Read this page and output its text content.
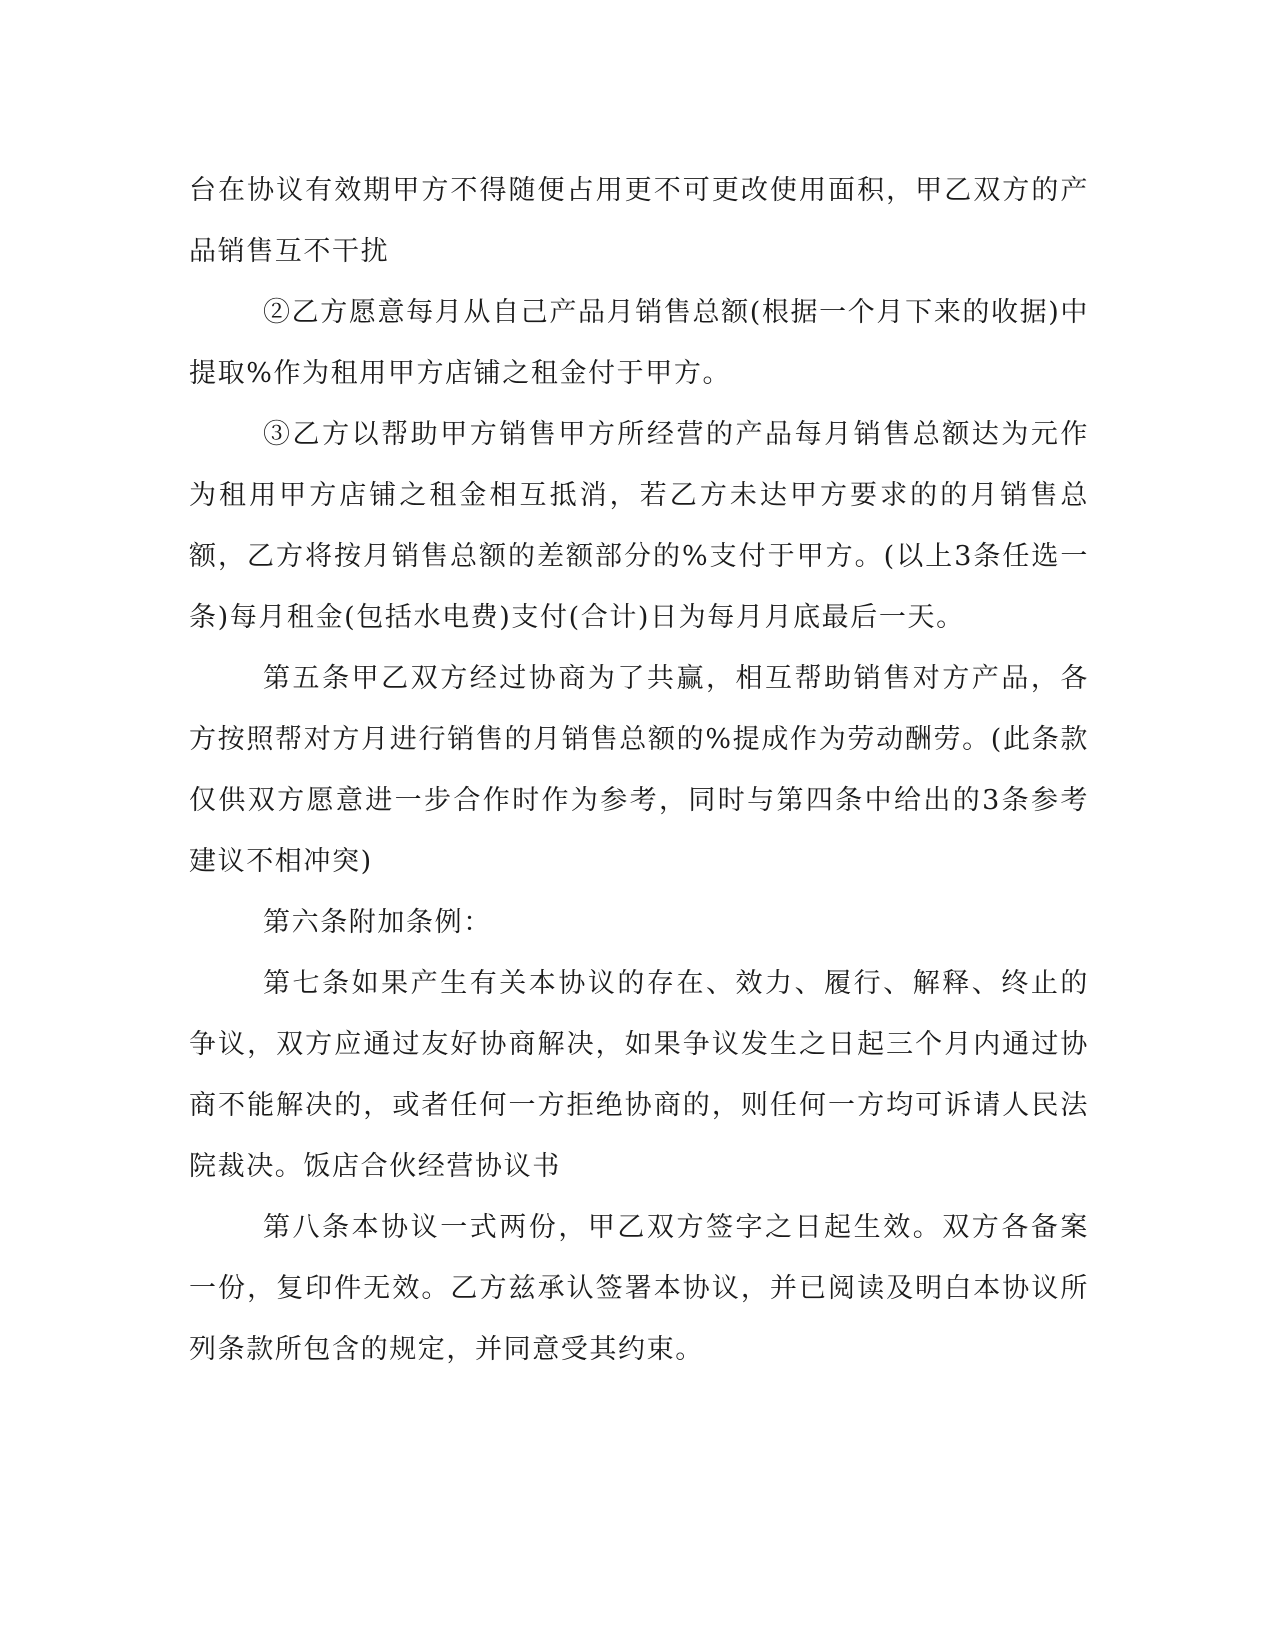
台在协议有效期甲方不得随便占用更不可更改使用面积，甲乙双方的产品销售互不干扰

②乙方愿意每月从自己产品月销售总额(根据一个月下来的收据)中提取%作为租用甲方店铺之租金付于甲方。

③乙方以帮助甲方销售甲方所经营的产品每月销售总额达为元作为租用甲方店铺之租金相互抵消，若乙方未达甲方要求的的月销售总额，乙方将按月销售总额的差额部分的%支付于甲方。(以上3条任选一条)每月租金(包括水电费)支付(合计)日为每月月底最后一天。

第五条甲乙双方经过协商为了共赢，相互帮助销售对方产品，各方按照帮对方月进行销售的月销售总额的%提成作为劳动酬劳。(此条款仅供双方愿意进一步合作时作为参考，同时与第四条中给出的3条参考建议不相冲突)

第六条附加条例：

第七条如果产生有关本协议的存在、效力、履行、解释、终止的争议，双方应通过友好协商解决，如果争议发生之日起三个月内通过协商不能解决的，或者任何一方拒绝协商的，则任何一方均可诉请人民法院裁决。饭店合伙经营协议书

第八条本协议一式两份，甲乙双方签字之日起生效。双方各备案一份，复印件无效。乙方兹承认签署本协议，并已阅读及明白本协议所列条款所包含的规定，并同意受其约束。
